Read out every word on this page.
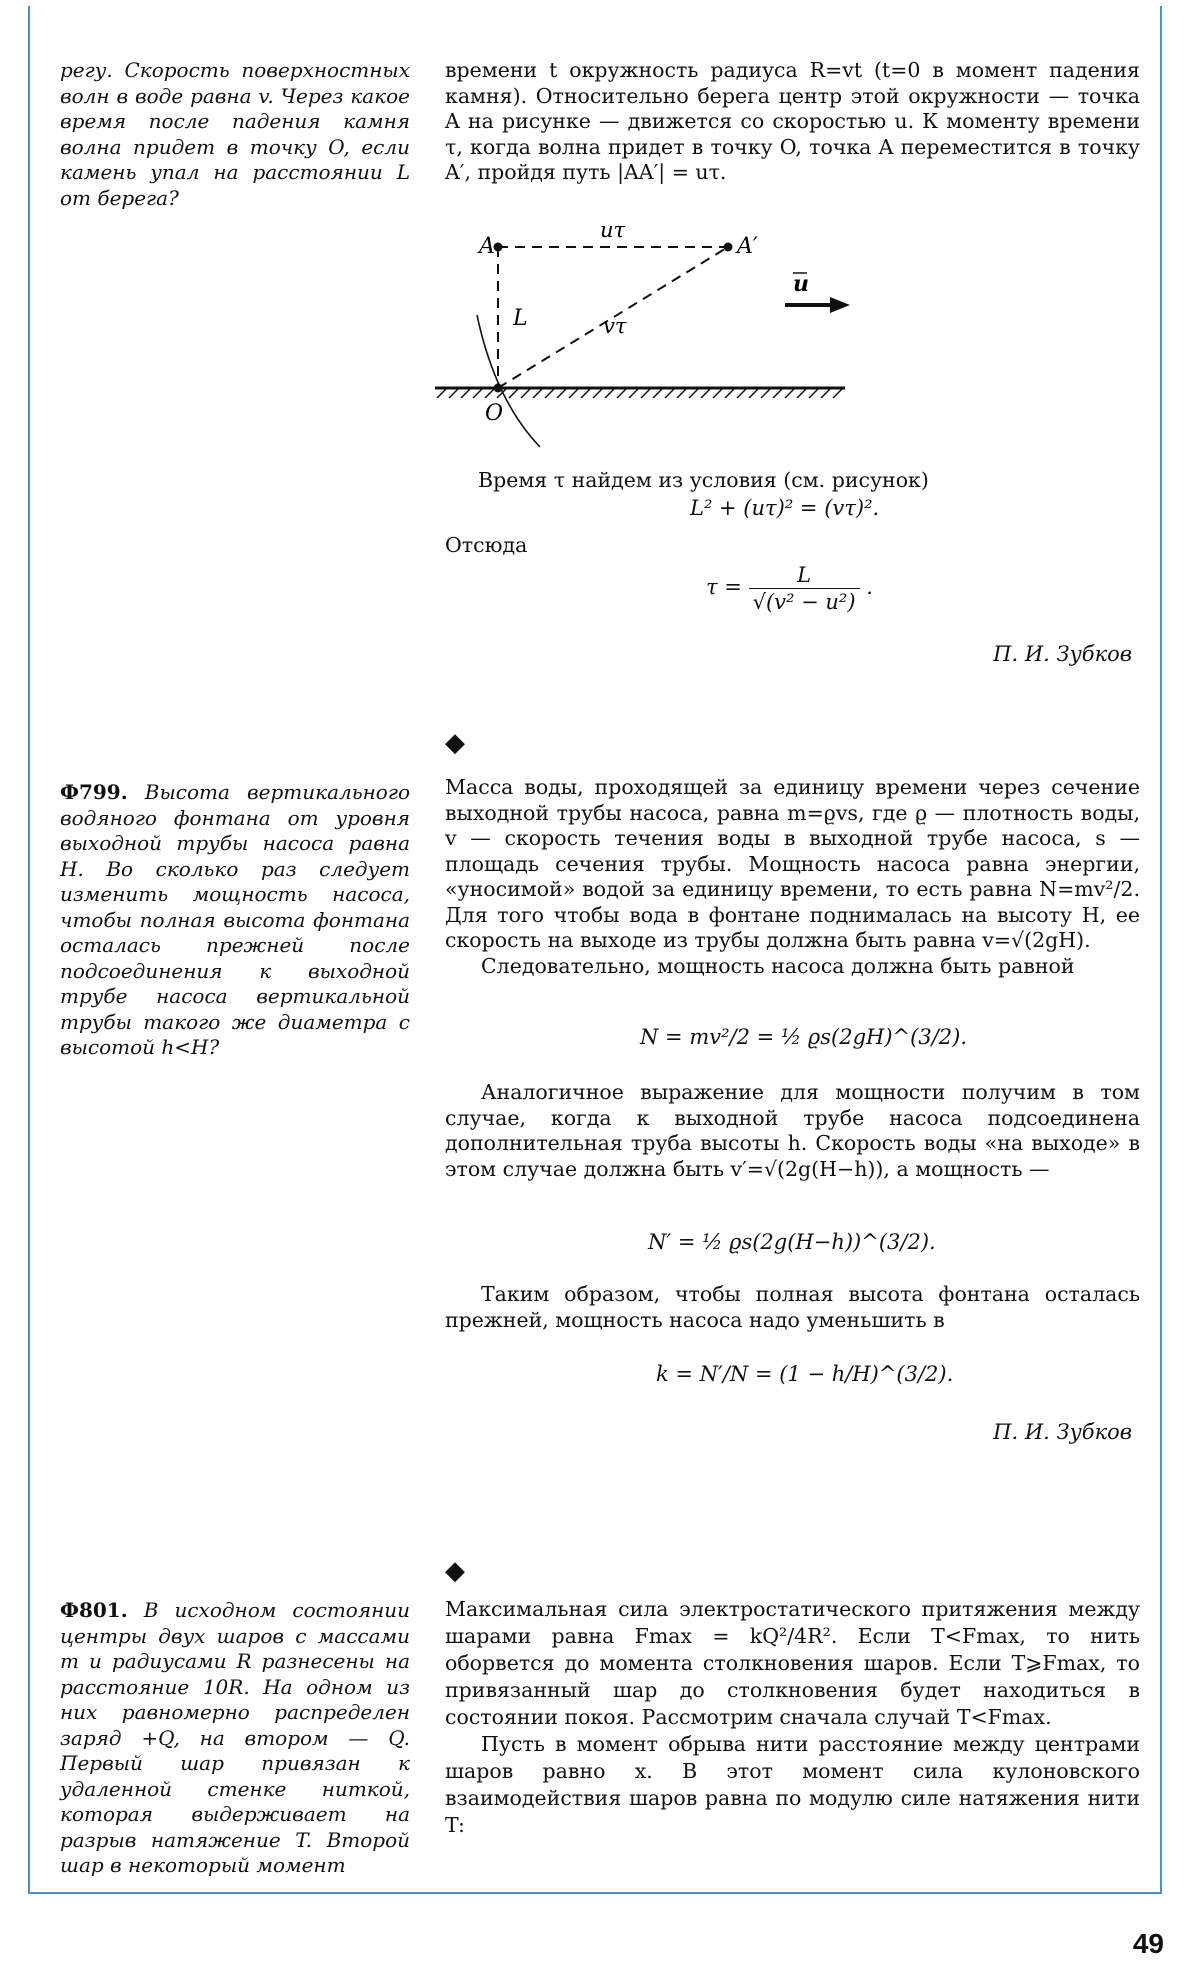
регу. Скорость поверхностных волн в воде равна v. Через какое время после падения камня волна придет в точку O, если камень упал на расстоянии L от берега?

времени t окружность радиуса R=vt (t=0 в момент падения камня). Относительно берега центр этой окружности — точка A на рисунке — движется со скоростью u. К моменту времени τ, когда волна придет в точку O, точка A переместится в точку A′, пройдя путь |AA′| = uτ.

A	A′
O
L
uτ
vτ
u
Время τ найдем из условия (см. рисунок)
L² + (uτ)² = (vτ)².
Отсюда
$\tau = \frac{L}{\text{√(v² − u²)}}$ .
П. И. Зубков
◆
Ф799. Высота вертикального водяного фонтана от уровня выходной трубы насоса равна H. Во сколько раз следует изменить мощность насоса, чтобы полная высота фонтана осталась прежней после подсоединения к выходной трубе насоса вертикальной трубы такого же диаметра с высотой h<H?

Масса воды, проходящей за единицу времени через сечение выходной трубы насоса, равна m=ϱvs, где ϱ — плотность воды, v — скорость течения воды в выходной трубе насоса, s — площадь сечения трубы. Мощность насоса равна энергии, «уносимой» водой за единицу времени, то есть равна N=mv²/2. Для того чтобы вода в фонтане поднималась на высоту H, ее скорость на выходе из трубы должна быть равна v=√(2gH).

Следовательно, мощность насоса должна быть равной

N = mv²/2 = ½ ϱs(2gH)^(3/2).

Аналогичное выражение для мощности получим в том случае, когда к выходной трубе насоса подсоединена дополнительная труба высоты h. Скорость воды «на выходе» в этом случае должна быть v′=√(2g(H−h)), а мощность —

N′ = ½ ϱs(2g(H−h))^(3/2).

Таким образом, чтобы полная высота фонтана осталась прежней, мощность насоса надо уменьшить в

k = N′/N = (1 − h/H)^(3/2).
П. И. Зубков
◆
Ф801. В исходном состоянии центры двух шаров с массами m и радиусами R разнесены на расстояние 10R. На одном из них равномерно распределен заряд +Q, на втором — Q. Первый шар привязан к удаленной стенке ниткой, которая выдерживает на разрыв натяжение T. Второй шар в некоторый момент

Максимальная сила электростатического притяжения между шарами равна Fmax = kQ²/4R². Если T<Fmax, то нить оборвется до момента столкновения шаров. Если T⩾Fmax, то привязанный шар до столкновения будет находиться в состоянии покоя. Рассмотрим сначала случай T<Fmax.

Пусть в момент обрыва нити расстояние между центрами шаров равно x. В этот момент сила кулоновского взаимодействия шаров равна по модулю силе натяжения нити T:

49
